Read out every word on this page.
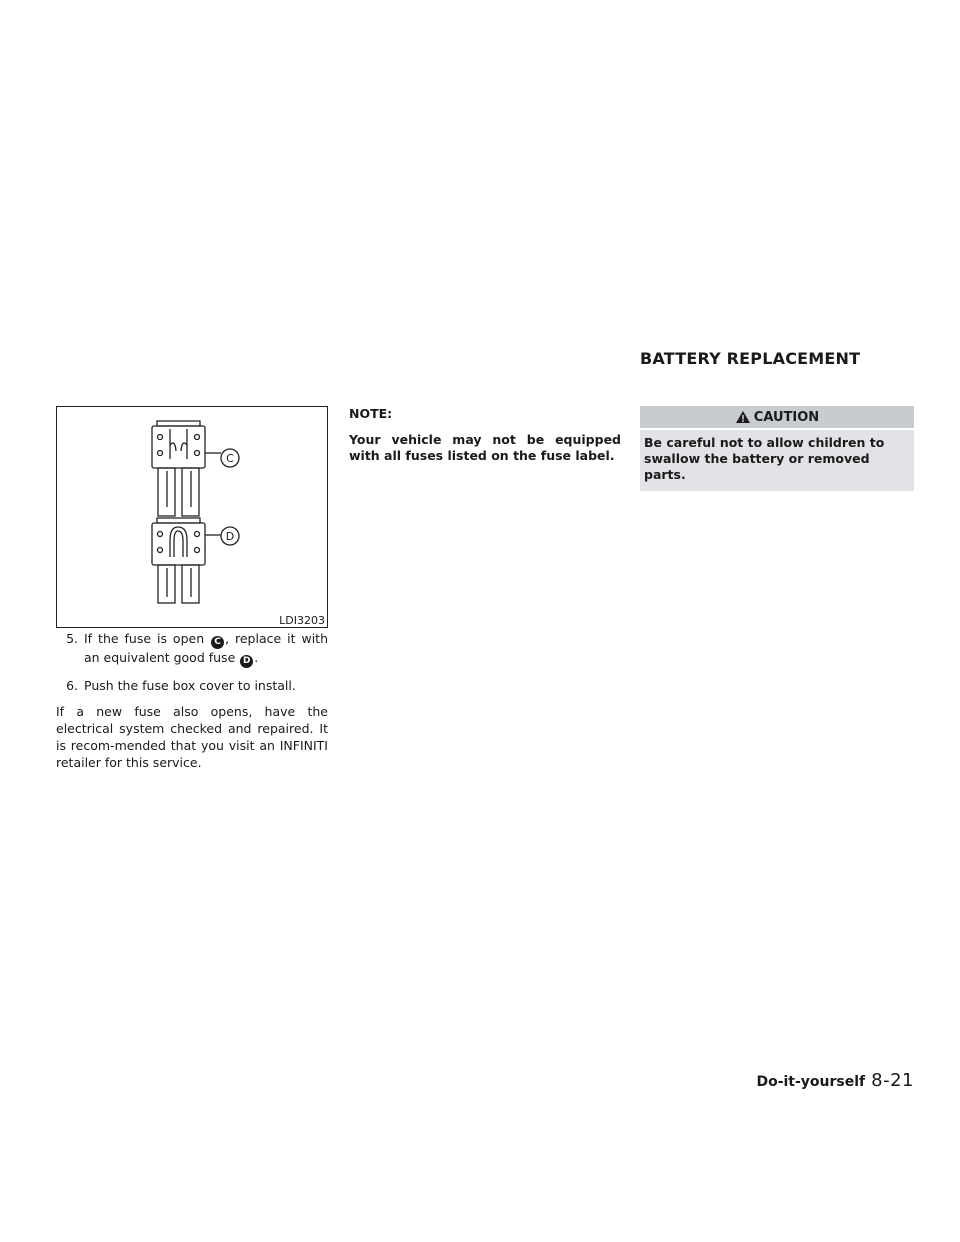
BATTERY REPLACEMENT
C
D
LDI3203
5. If the fuse is open C , replace it with an equivalent good fuse D .
6. Push the fuse box cover to install.
If a new fuse also opens, have the electrical system checked and repaired. It is recom-mended that you visit an INFINITI retailer for this service.
NOTE:
Your vehicle may not be equipped with all fuses listed on the fuse label.
CAUTION
Be careful not to allow children to swallow the battery or removed parts.
Do-it-yourself 8-21
